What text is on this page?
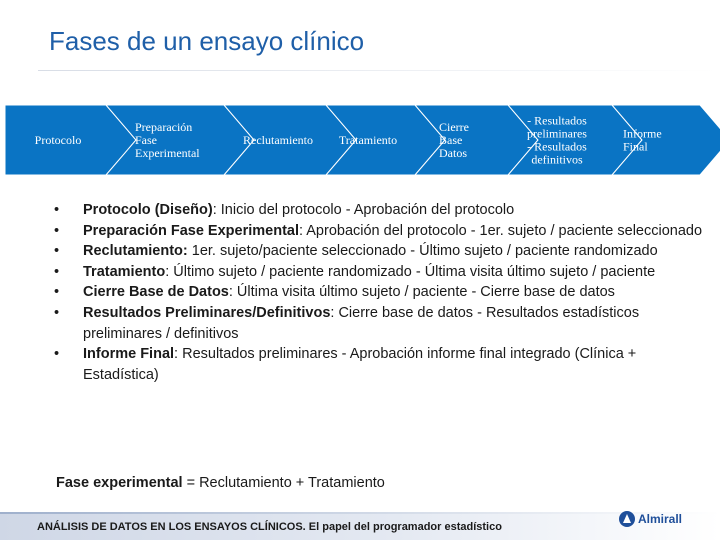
Fases de un ensayo clínico
Protocolo
Preparación
Fase
Experimental
Reclutamiento Tratamiento
Cierre
Base
Datos
- Resultados
preliminares
- Resultados
definitivos
Informe
Final
• Protocolo (Diseño): Inicio del protocolo - Aprobación del protocolo
• Preparación Fase Experimental: Aprobación del protocolo - 1er. sujeto / paciente seleccionado
• Reclutamiento: 1er. sujeto/paciente seleccionado - Último sujeto / paciente randomizado
• Tratamiento: Último sujeto / paciente randomizado - Última visita último sujeto / paciente
• Cierre Base de Datos: Última visita último sujeto / paciente - Cierre base de datos
• Resultados Preliminares/Definitivos: Cierre base de datos - Resultados estadísticos preliminares / definitivos
• Informe Final: Resultados preliminares - Aprobación informe final integrado (Clínica + Estadística)
Fase experimental = Reclutamiento + Tratamiento
ANÁLISIS DE DATOS EN LOS ENSAYOS CLÍNICOS. El papel del programador estadístico
Almirall
